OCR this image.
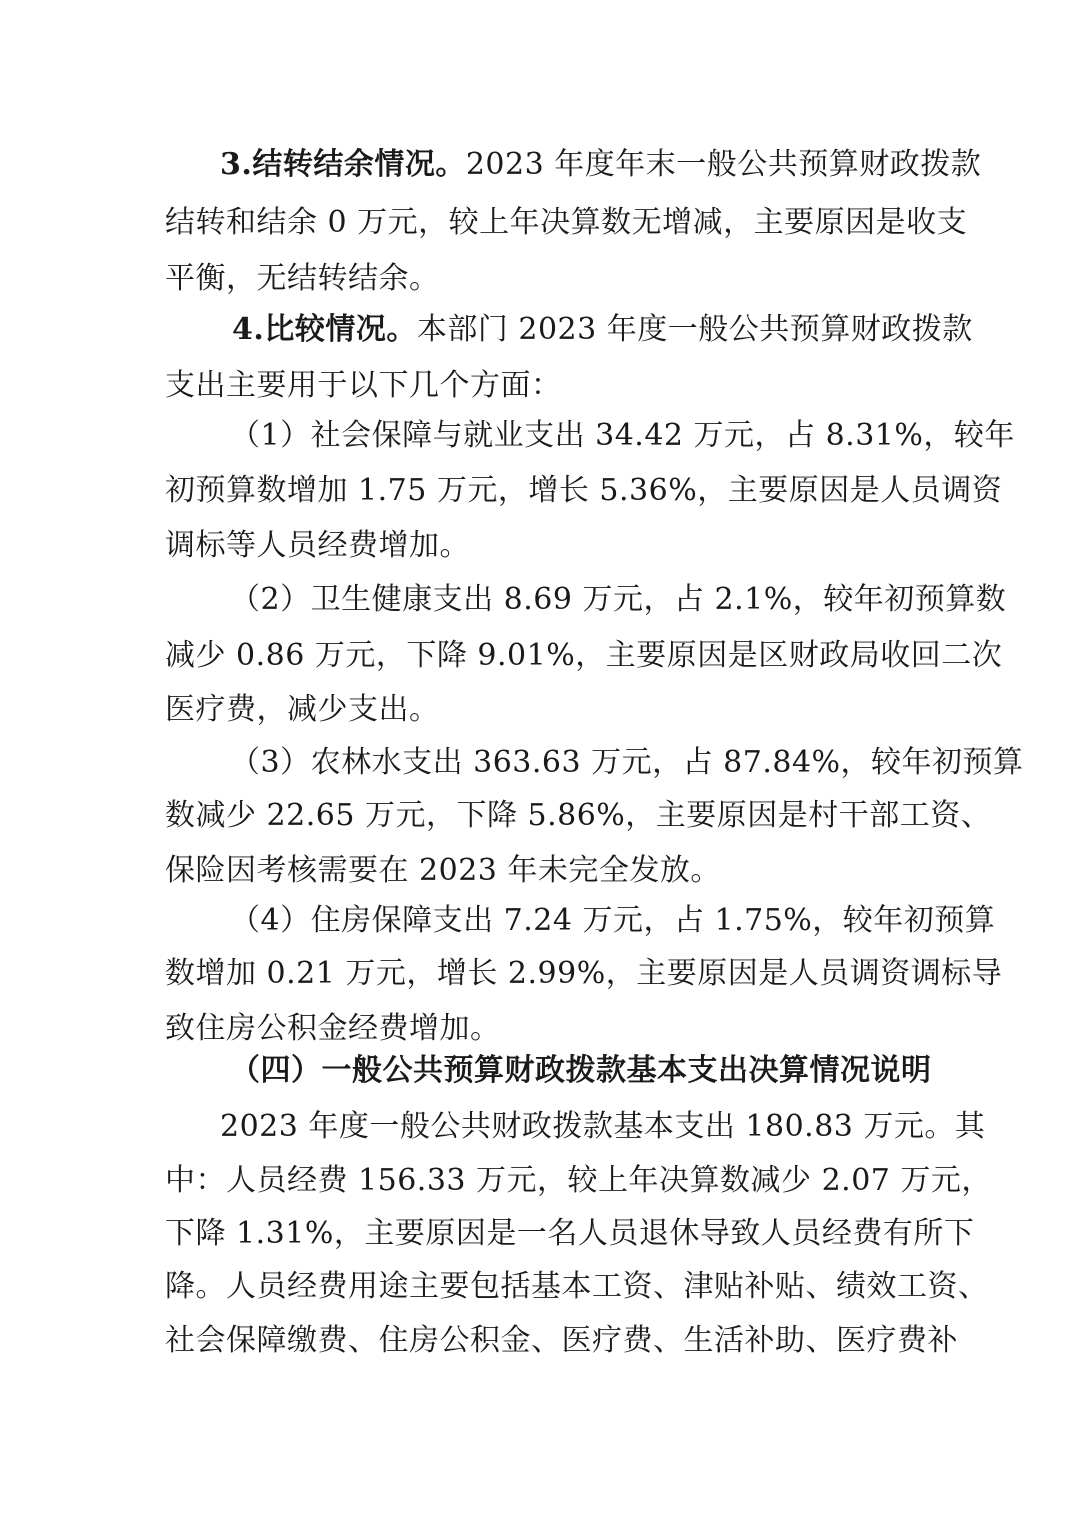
3.结转结余情况。2023 年度年末一般公共预算财政拨款
结转和结余 0 万元，较上年决算数无增减，主要原因是收支
平衡，无结转结余。
4.比较情况。本部门 2023 年度一般公共预算财政拨款
支出主要用于以下几个方面：
（1）社会保障与就业支出 34.42 万元，占 8.31%，较年
初预算数增加 1.75 万元，增长 5.36%，主要原因是人员调资
调标等人员经费增加。
（2）卫生健康支出 8.69 万元，占 2.1%，较年初预算数
减少 0.86 万元，下降 9.01%，主要原因是区财政局收回二次
医疗费，减少支出。
（3）农林水支出 363.63 万元，占 87.84%，较年初预算
数减少 22.65 万元，下降 5.86%，主要原因是村干部工资、
保险因考核需要在 2023 年未完全发放。
（4）住房保障支出 7.24 万元，占 1.75%，较年初预算
数增加 0.21 万元，增长 2.99%，主要原因是人员调资调标导
致住房公积金经费增加。
（四）一般公共预算财政拨款基本支出决算情况说明
2023 年度一般公共财政拨款基本支出 180.83 万元。其
中：人员经费 156.33 万元，较上年决算数减少 2.07 万元，
下降 1.31%，主要原因是一名人员退休导致人员经费有所下
降。人员经费用途主要包括基本工资、津贴补贴、绩效工资、
社会保障缴费、住房公积金、医疗费、生活补助、医疗费补
